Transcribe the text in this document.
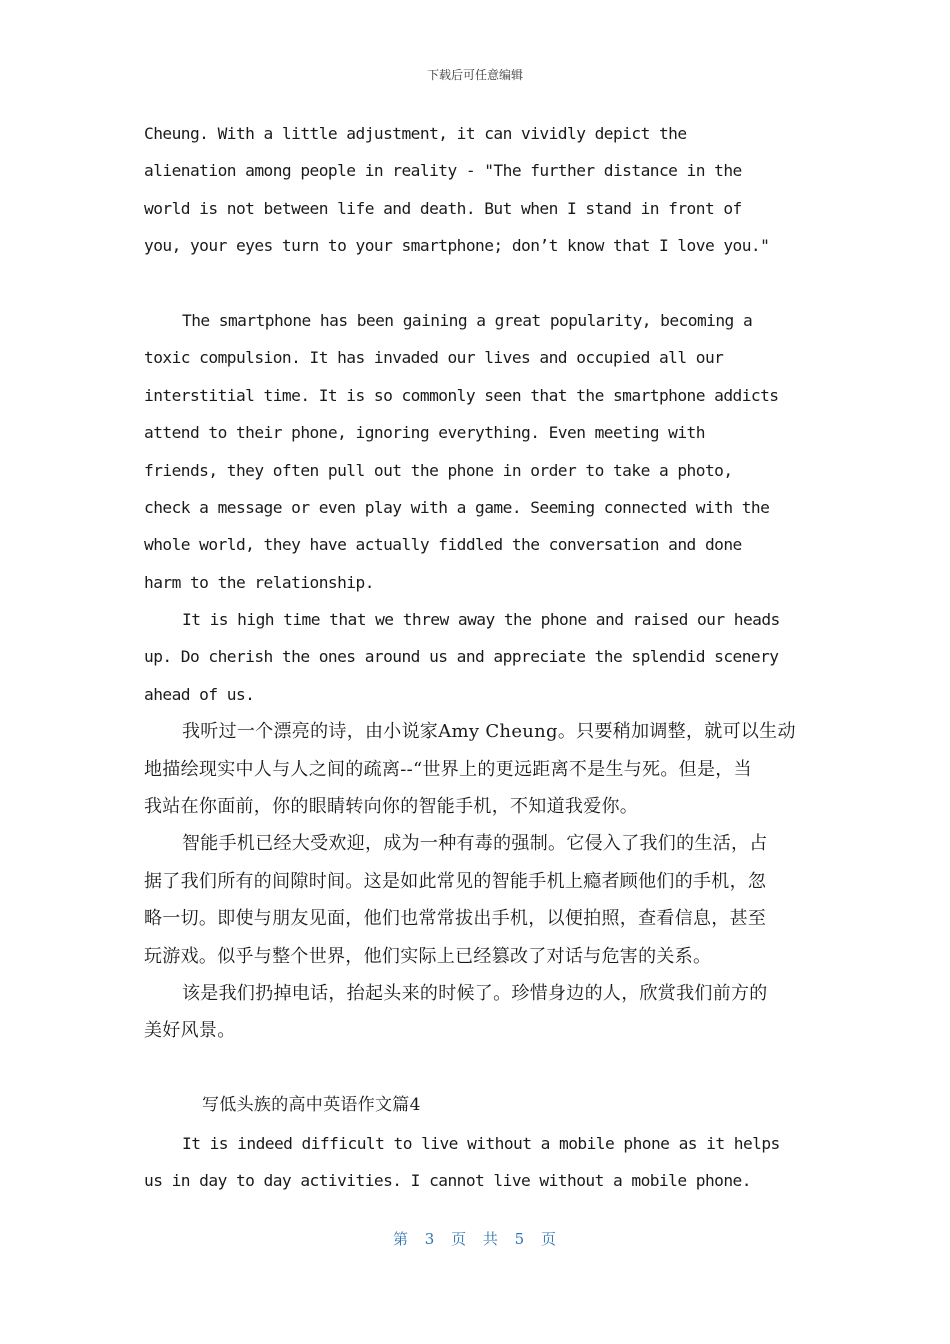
下载后可任意编辑
Cheung. With a little adjustment, it can vividly depict the
alienation among people in reality - "The further distance in the
world is not between life and death. But when I stand in front of
you, your eyes turn to your smartphone; don’t know that I love you."
The smartphone has been gaining a great popularity, becoming a
toxic compulsion. It has invaded our lives and occupied all our
interstitial time. It is so commonly seen that the smartphone addicts
attend to their phone, ignoring everything. Even meeting with
friends, they often pull out the phone in order to take a photo,
check a message or even play with a game. Seeming connected with the
whole world, they have actually fiddled the conversation and done
harm to the relationship.
It is high time that we threw away the phone and raised our heads
up. Do cherish the ones around us and appreciate the splendid scenery
ahead of us.
我听过一个漂亮的诗，由小说家Amy Cheung。只要稍加调整，就可以生动
地描绘现实中人与人之间的疏离--“世界上的更远距离不是生与死。但是，当
我站在你面前，你的眼睛转向你的智能手机，不知道我爱你。
智能手机已经大受欢迎，成为一种有毒的强制。它侵入了我们的生活，占
据了我们所有的间隙时间。这是如此常见的智能手机上瘾者顾他们的手机，忽
略一切。即使与朋友见面，他们也常常拔出手机，以便拍照，查看信息，甚至
玩游戏。似乎与整个世界，他们实际上已经篡改了对话与危害的关系。
该是我们扔掉电话，抬起头来的时候了。珍惜身边的人，欣赏我们前方的
美好风景。
写低头族的高中英语作文篇4
It is indeed difficult to live without a mobile phone as it helps
us in day to day activities. I cannot live without a mobile phone.
第 3 页 共 5 页
